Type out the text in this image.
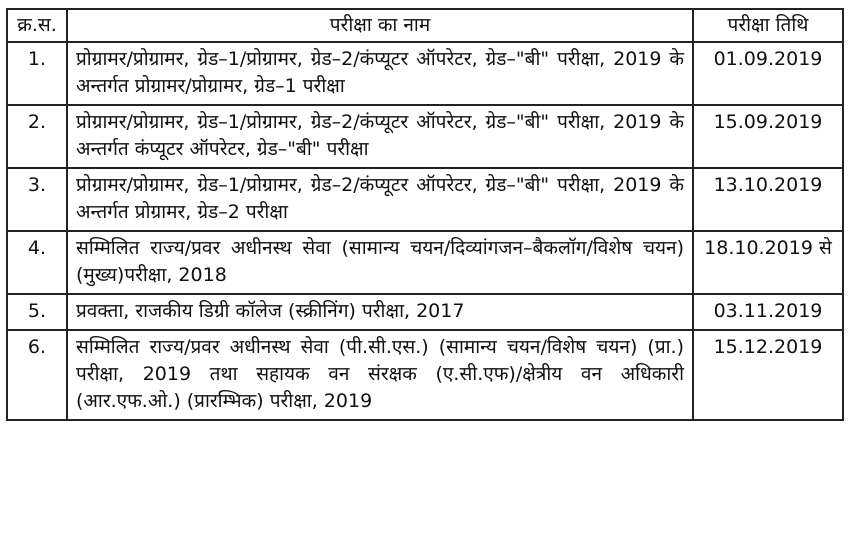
क्र.स.	परीक्षा का नाम	परीक्षा तिथि
1.	प्रोग्रामर/प्रोग्रामर, ग्रेड–1/प्रोग्रामर, ग्रेड–2/कंप्यूटर ऑपरेटर, ग्रेड–"बी" परीक्षा, 2019 के अन्तर्गत प्रोग्रामर/प्रोग्रामर, ग्रेड–1 परीक्षा	01.09.2019
2.	प्रोग्रामर/प्रोग्रामर, ग्रेड–1/प्रोग्रामर, ग्रेड–2/कंप्यूटर ऑपरेटर, ग्रेड–"बी" परीक्षा, 2019 के अन्तर्गत कंप्यूटर ऑपरेटर, ग्रेड–"बी" परीक्षा	15.09.2019
3.	प्रोग्रामर/प्रोग्रामर, ग्रेड–1/प्रोग्रामर, ग्रेड–2/कंप्यूटर ऑपरेटर, ग्रेड–"बी" परीक्षा, 2019 के अन्तर्गत प्रोग्रामर, ग्रेड–2 परीक्षा	13.10.2019
4.	सम्मिलित राज्य/प्रवर अधीनस्थ सेवा (सामान्य चयन/दिव्यांगजन–बैकलॉग/विशेष चयन) (मुख्य)परीक्षा, 2018	18.10.2019 से
5.	प्रवक्ता, राजकीय डिग्री कॉलेज (स्क्रीनिंग) परीक्षा, 2017	03.11.2019
6.	सम्मिलित राज्य/प्रवर अधीनस्थ सेवा (पी.सी.एस.) (सामान्य चयन/विशेष चयन) (प्रा.) परीक्षा, 2019 तथा सहायक वन संरक्षक (ए.सी.एफ)/क्षेत्रीय वन अधिकारी (आर.एफ.ओ.) (प्रारम्भिक) परीक्षा, 2019	15.12.2019
